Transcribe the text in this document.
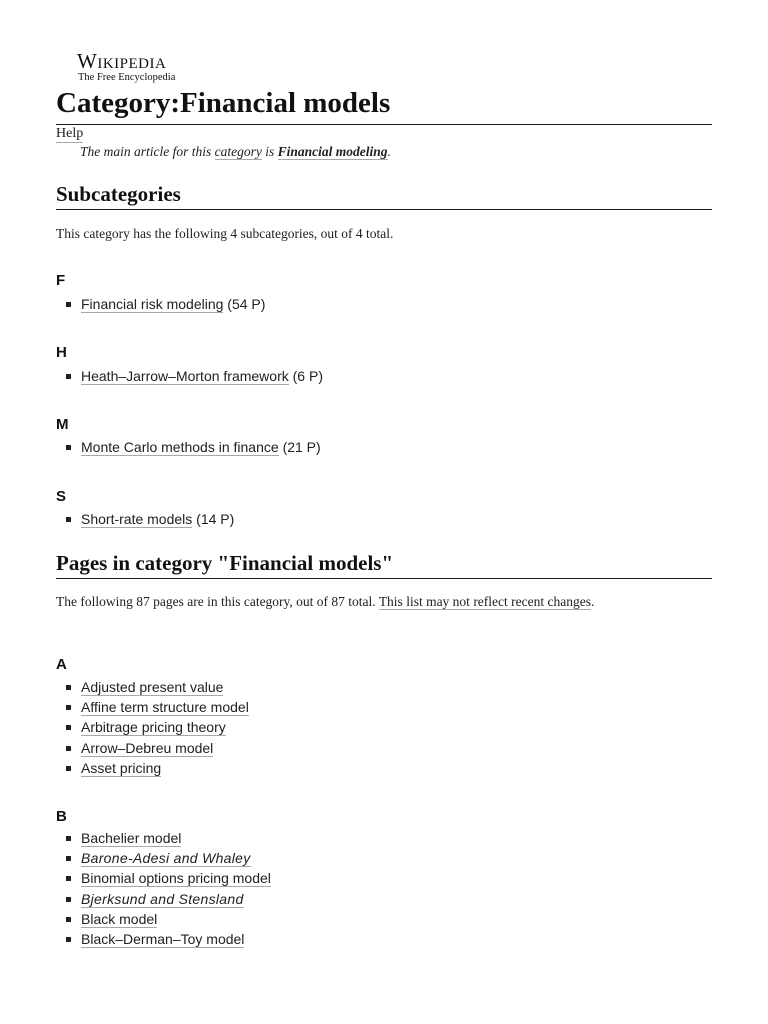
Wikipedia
The Free Encyclopedia
Category:Financial models
Help
The main article for this category is Financial modeling.
Subcategories
This category has the following 4 subcategories, out of 4 total.
F
Financial risk modeling (54 P)
H
Heath–Jarrow–Morton framework (6 P)
M
Monte Carlo methods in finance (21 P)
S
Short-rate models (14 P)
Pages in category "Financial models"
The following 87 pages are in this category, out of 87 total. This list may not reflect recent changes.
A
Adjusted present value
Affine term structure model
Arbitrage pricing theory
Arrow–Debreu model
Asset pricing
B
Bachelier model
Barone-Adesi and Whaley
Binomial options pricing model
Bjerksund and Stensland
Black model
Black–Derman–Toy model
